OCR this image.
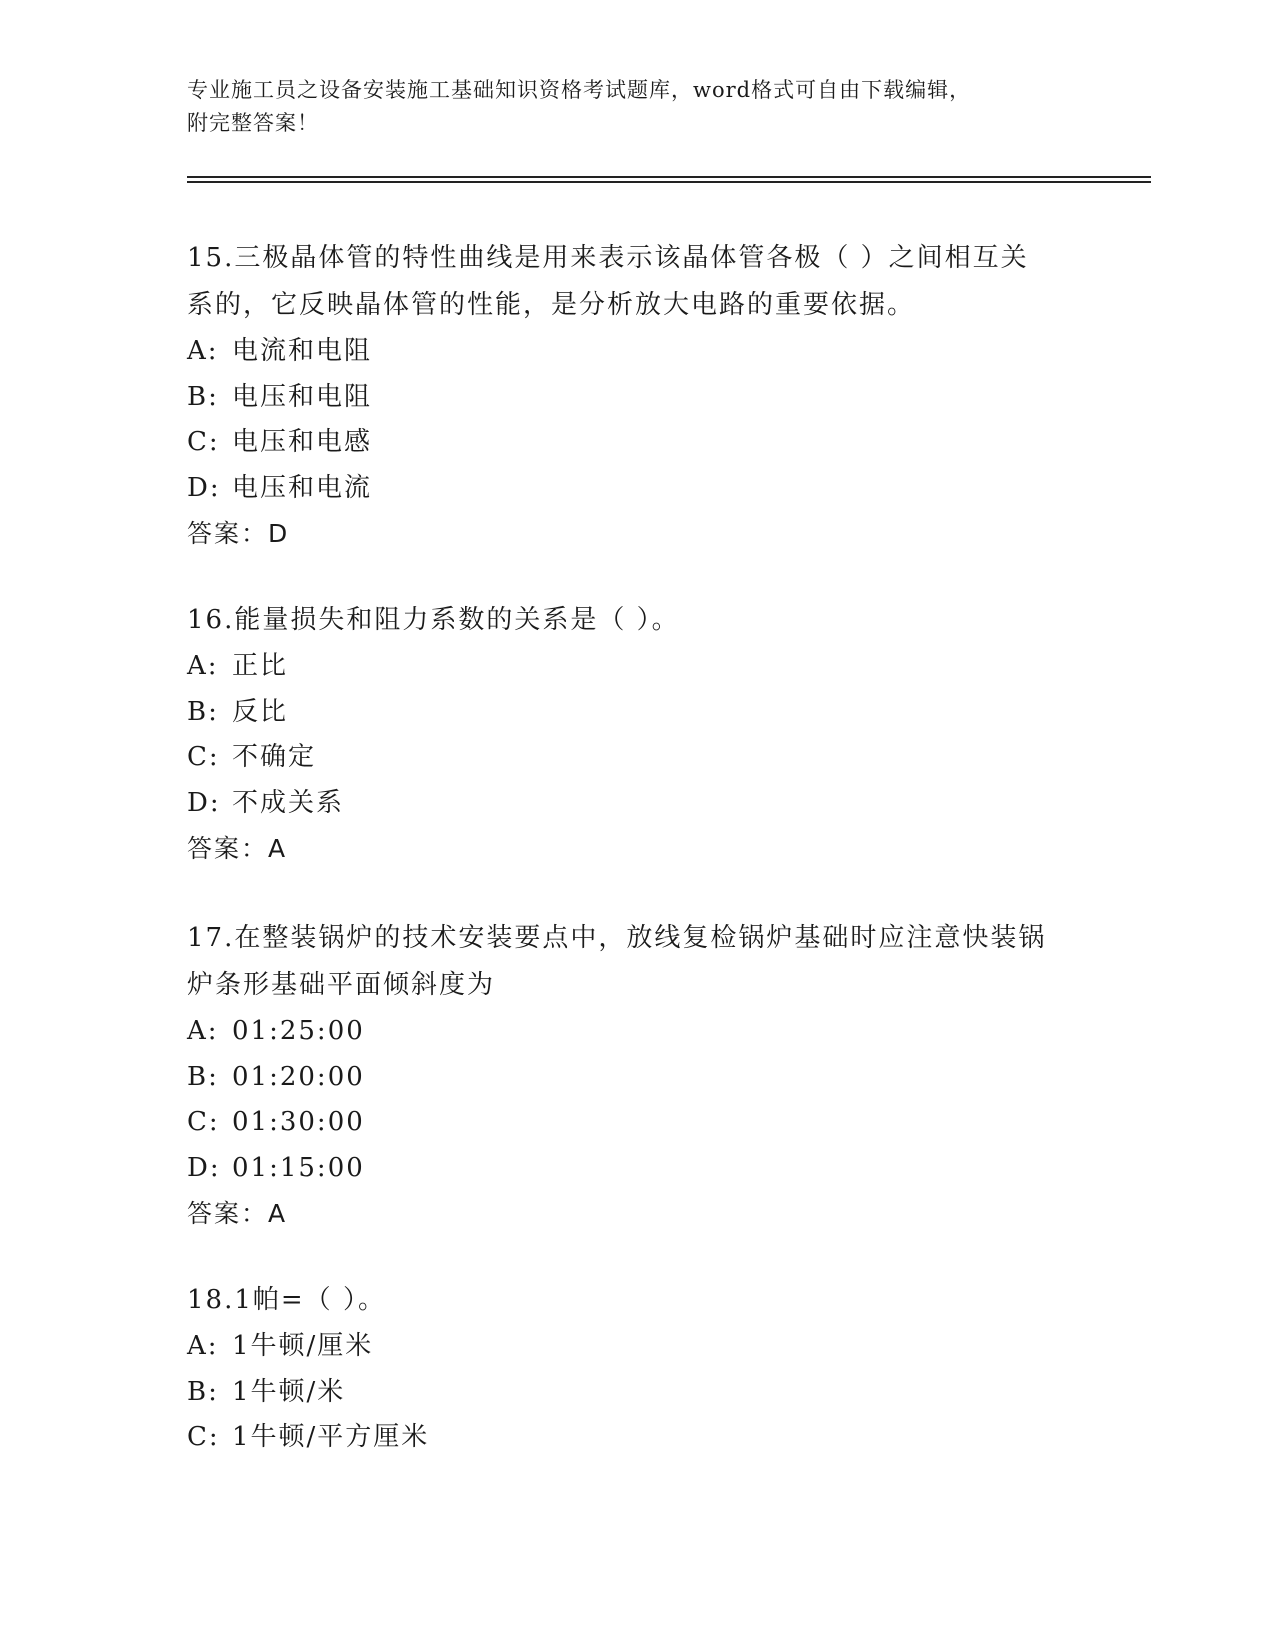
专业施工员之设备安装施工基础知识资格考试题库，word格式可自由下载编辑，
附完整答案！

15.三极晶体管的特性曲线是用来表示该晶体管各极（ ）之间相互关

系的，它反映晶体管的性能，是分析放大电路的重要依据。

A: 电流和电阻

B: 电压和电阻

C: 电压和电感

D: 电压和电流

答案：D

16.能量损失和阻力系数的关系是（ ）。

A: 正比

B: 反比

C: 不确定

D: 不成关系

答案：A

17.在整装锅炉的技术安装要点中，放线复检锅炉基础时应注意快装锅

炉条形基础平面倾斜度为

A: 01:25:00

B: 01:20:00

C: 01:30:00

D: 01:15:00

答案：A

18.1帕=（ ）。

A: 1牛顿/厘米

B: 1牛顿/米

C: 1牛顿/平方厘米
